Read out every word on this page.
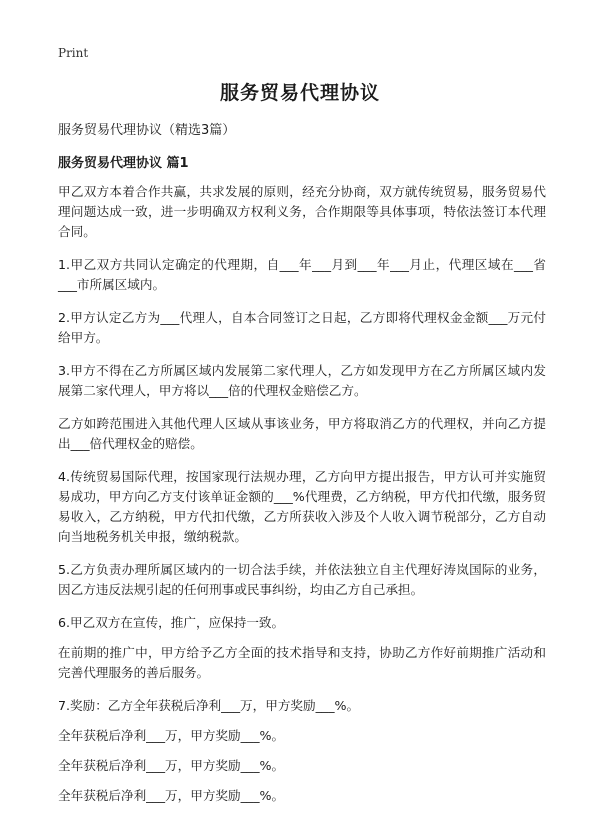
Print
服务贸易代理协议
服务贸易代理协议（精选3篇）
服务贸易代理协议 篇1

甲乙双方本着合作共赢，共求发展的原则，经充分协商，双方就传统贸易，服务贸易代理问题达成一致，进一步明确双方权利义务，合作期限等具体事项，特依法签订本代理合同。

1.甲乙双方共同认定确定的代理期，自___年___月到___年___月止，代理区域在___省___市所属区域内。

2.甲方认定乙方为___代理人，自本合同签订之日起，乙方即将代理权金金额___万元付给甲方。

3.甲方不得在乙方所属区域内发展第二家代理人，乙方如发现甲方在乙方所属区域内发展第二家代理人，甲方将以___倍的代理权金赔偿乙方。

乙方如跨范围进入其他代理人区域从事该业务，甲方将取消乙方的代理权，并向乙方提出___倍代理权金的赔偿。

4.传统贸易国际代理，按国家现行法规办理，乙方向甲方提出报告，甲方认可并实施贸易成功，甲方向乙方支付该单证金额的___%代理费，乙方纳税，甲方代扣代缴，服务贸易收入，乙方纳税，甲方代扣代缴，乙方所获收入涉及个人收入调节税部分，乙方自动向当地税务机关申报，缴纳税款。

5.乙方负责办理所属区域内的一切合法手续，并依法独立自主代理好涛岚国际的业务，因乙方违反法规引起的任何刑事或民事纠纷，均由乙方自己承担。

6.甲乙双方在宣传，推广，应保持一致。

在前期的推广中，甲方给予乙方全面的技术指导和支持，协助乙方作好前期推广活动和完善代理服务的善后服务。

7.奖励：乙方全年获税后净利___万，甲方奖励___%。

全年获税后净利___万，甲方奖励___%。

全年获税后净利___万，甲方奖励___%。

全年获税后净利___万，甲方奖励___%。
